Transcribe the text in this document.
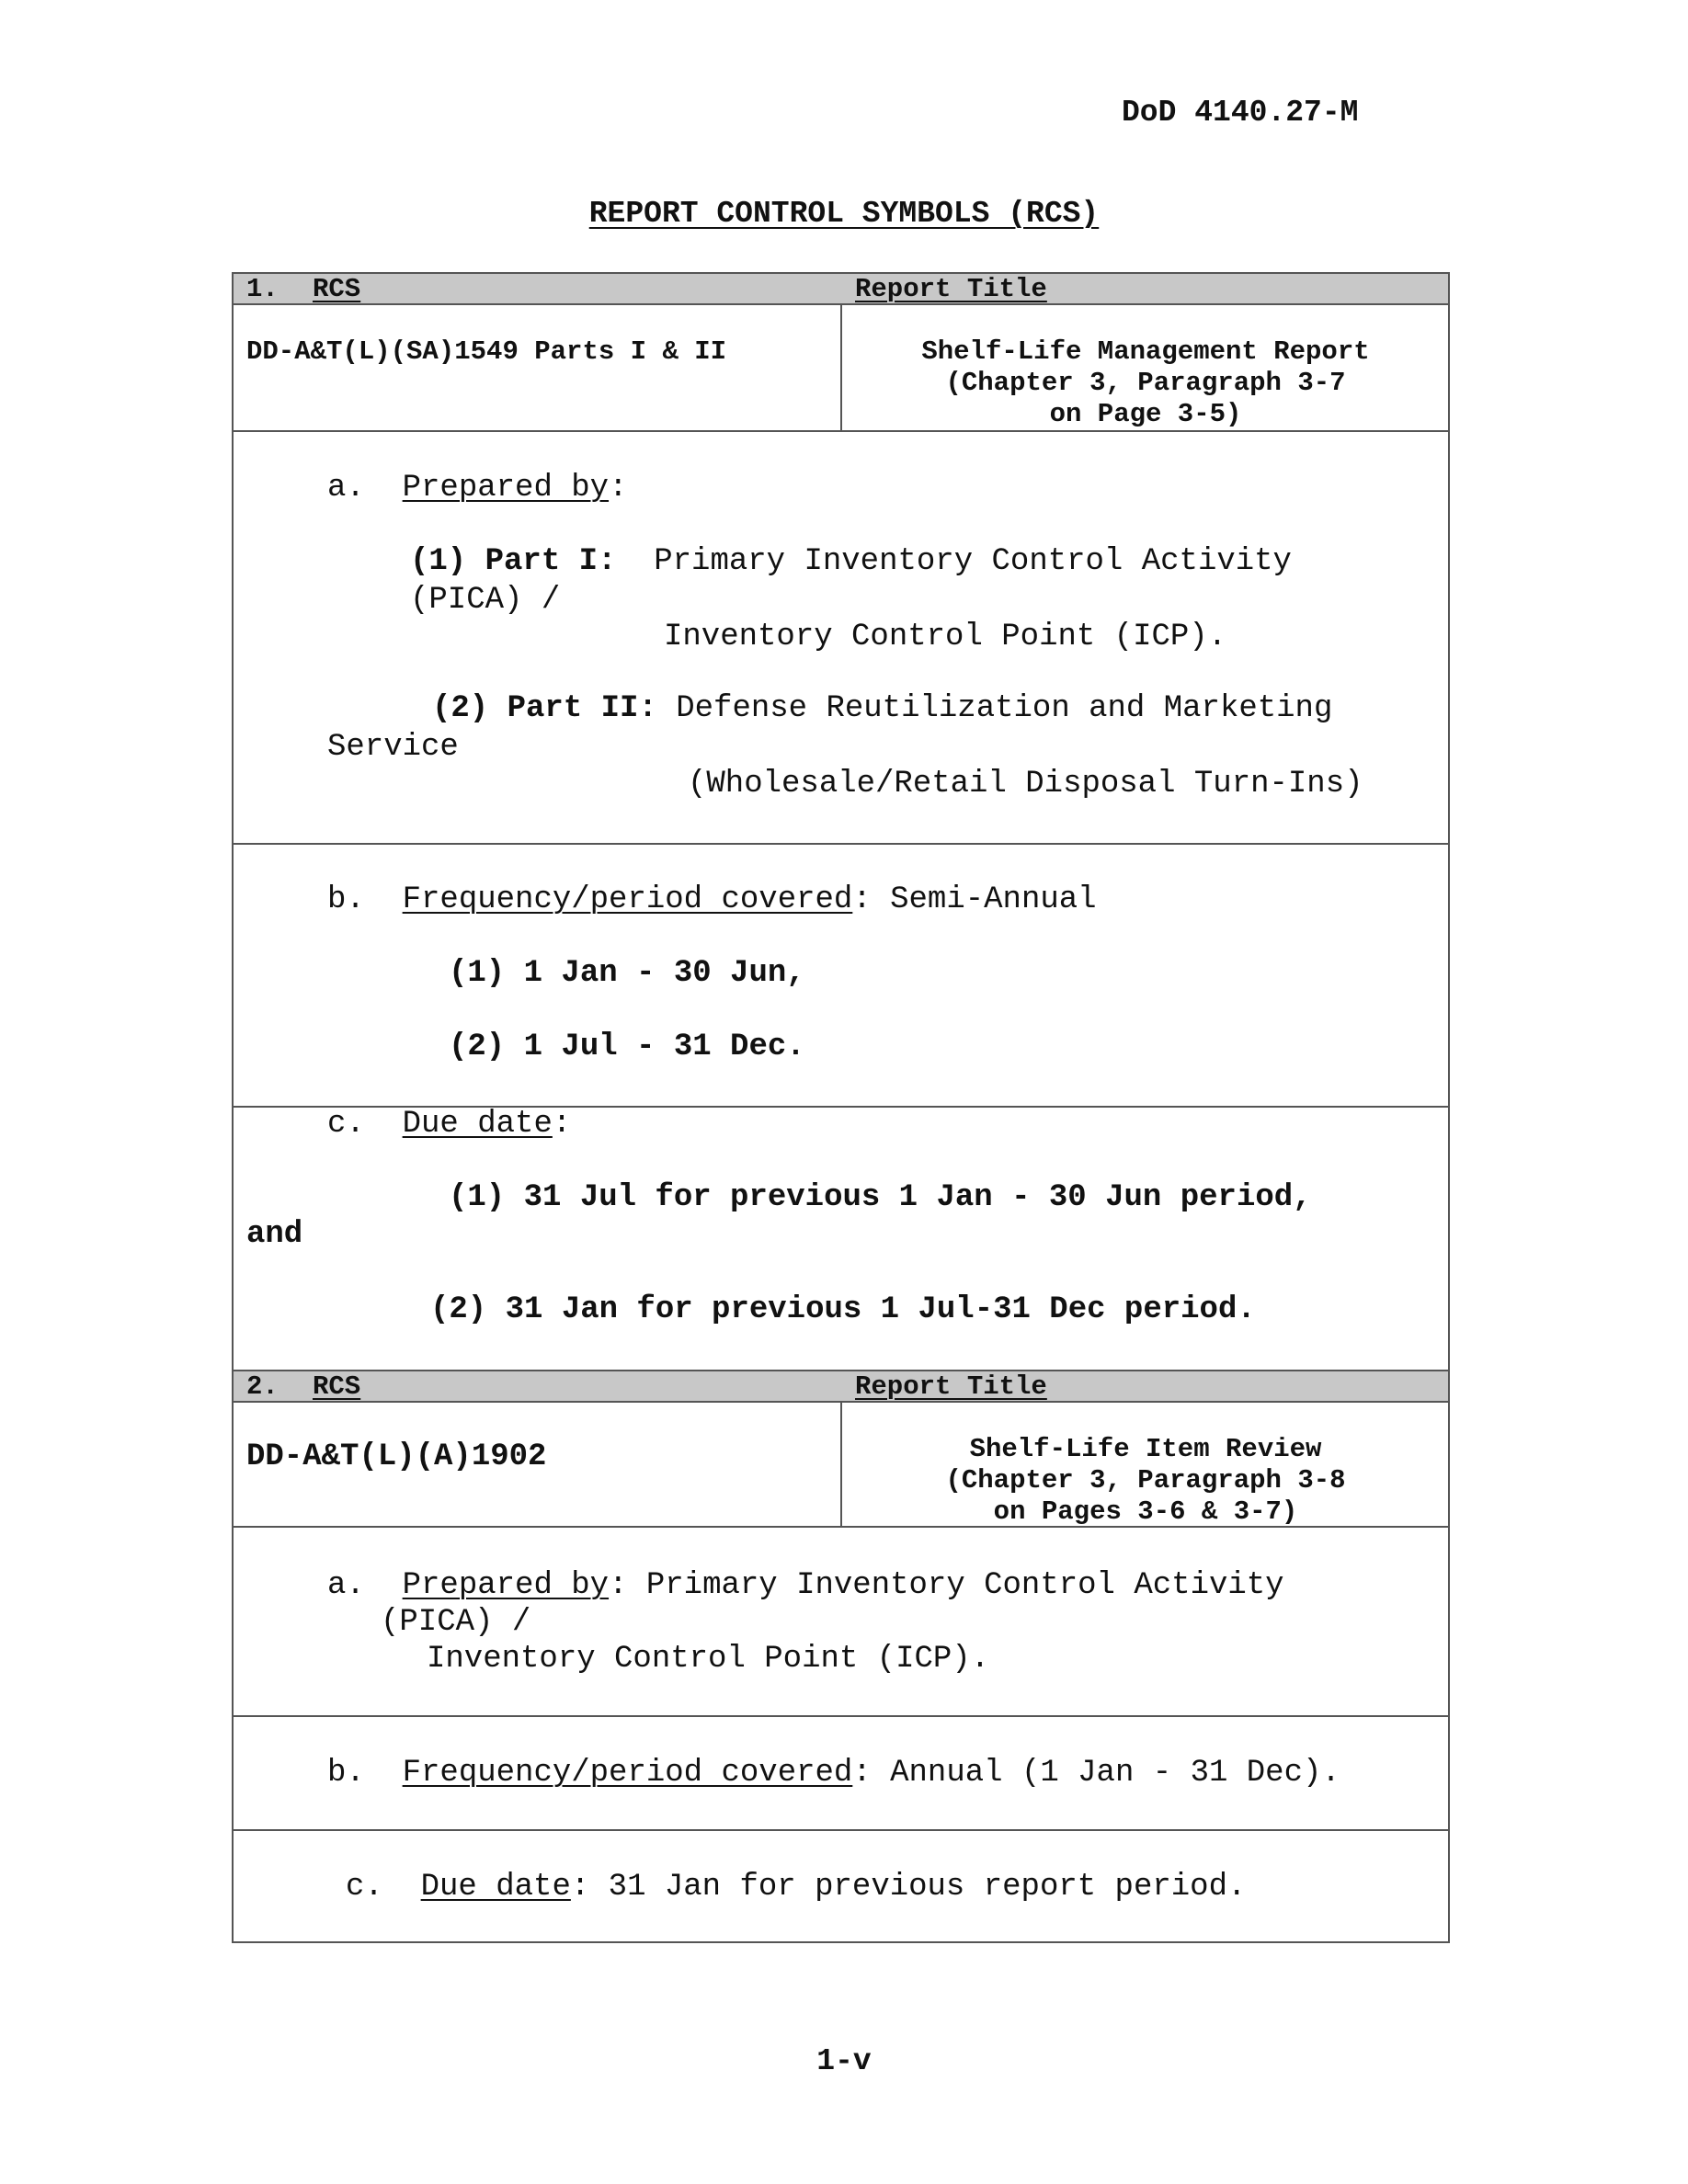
DoD 4140.27-M
REPORT CONTROL SYMBOLS (RCS)
1-v
1. RCS	Report Title
DD-A&T(L)(SA)1549 Parts I & II	Shelf-Life Management Report
(Chapter 3, Paragraph 3-7
on Page 3-5)
a. Prepared by:
(1) Part I: Primary Inventory Control Activity
(PICA) /
Inventory Control Point (ICP).
(2) Part II: Defense Reutilization and Marketing
Service
(Wholesale/Retail Disposal Turn-Ins)
b. Frequency/period covered: Semi-Annual
(1) 1 Jan - 30 Jun,
(2) 1 Jul - 31 Dec.
c. Due date:
(1) 31 Jul for previous 1 Jan - 30 Jun period,
and
(2) 31 Jan for previous 1 Jul-31 Dec period.
2. RCS	Report Title
DD-A&T(L)(A)1902	Shelf-Life Item Review
(Chapter 3, Paragraph 3-8
on Pages 3-6 & 3-7)
a. Prepared by: Primary Inventory Control Activity
(PICA) /
Inventory Control Point (ICP).
b. Frequency/period covered: Annual (1 Jan - 31 Dec).
c. Due date: 31 Jan for previous report period.
